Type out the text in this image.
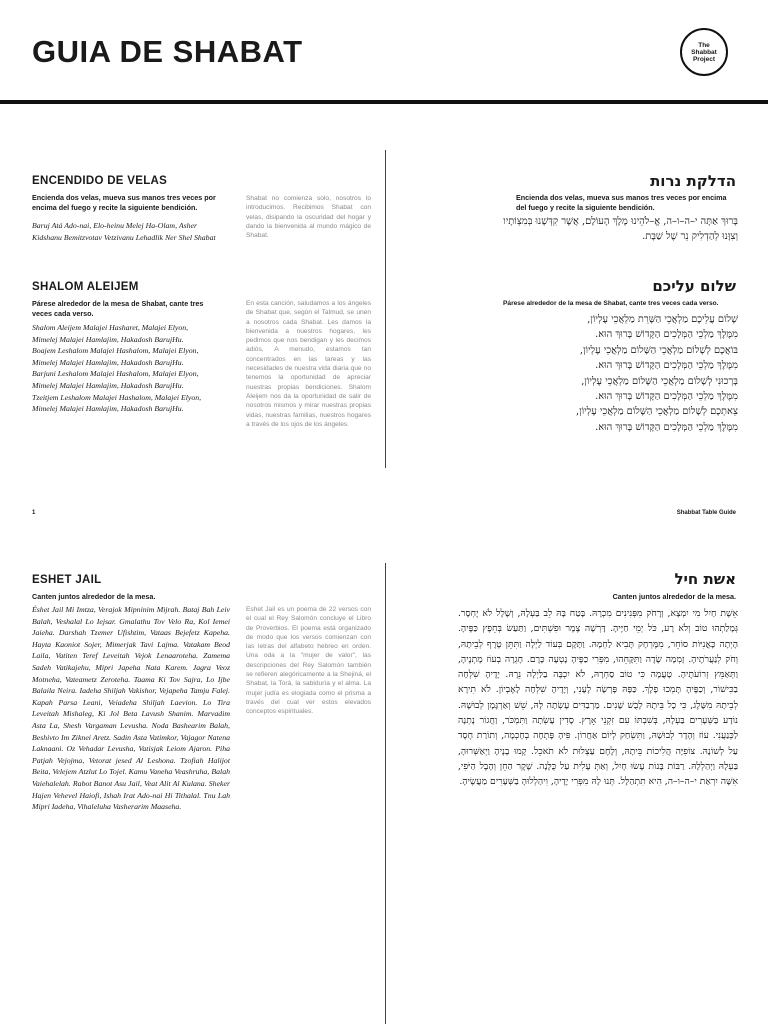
GUIA DE SHABAT	The
Shabbat
Project
ENCENDIDO DE VELAS	הדלקת נרות

Encienda dos velas, mueva sus manos tres veces por encima del fuego y recite la siguiente bendición.

Baruj Atá Ado-nai, Elo-heinu Melej Ha-Olam, Asher Kidshanu Bemitzvotav Vetzivanu Lehadlik Ner Shel Shabat

Shabat no comienza solo, nosotros lo introducimos. Recibimos Shabat con velas, disipando la oscuridad del hogar y dando la bienvenida al mundo mágico de Shabat.

Encienda dos velas, mueva sus manos tres veces por encima del fuego y recite la siguiente bendición.

בָּרוּךְ אַתָּה י–ה–ו–ה, אֱ–לֹהֵינוּ מֶלֶךְ הָעוֹלָם, אֲשֶׁר קִדְּשָׁנוּ בְּמִצְוֹתָיו וְצִוָּנוּ לְהַדְלִיק נֵר שֶׁל שַׁבָּת.

SHALOM ALEIJEM	שלום עליכם

Párese alrededor de la mesa de Shabat, cante tres veces cada verso.

Shalom Aleijem Malajei Hasharet, Malajei Elyon,
Mimelej Malajei Hamlajim, Hakadosh BarujHu.
Boajem Leshalom Malajei Hashalom, Malajei Elyon,
Mimelej Malajei Hamlajim, Hakadosh BarujHu.
Barjuni Leshalom Malajei Hashalom, Malajei Elyon,
Mimelej Malajei Hamlajim, Hakadosh BarujHu.
Tzeitjem Leshalom Malajei Hashalom, Malajei Elyon,
Mimelej Malajei Hamlajim, Hakadosh BarujHu.

En esta canción, saludamos a los ángeles de Shabat que, según el Talmud, se unen a nosotros cada Shabat. Les damos la bienvenida a nuestros hogares, les pedimos que nos bendigan y les decimos adiós. A menudo, estamos tan concentrados en las tareas y las necesidades de nuestra vida diaria que no tenemos la oportunidad de apreciar nuestras propias bendiciones. Shalom Aleijem nos da la oportunidad de salir de nosotros mismos y mirar nuestras propias vidas, nuestras familias, nuestros hogares a través de los ojos de los ángeles.

Párese alrededor de la mesa de Shabat, cante tres veces cada verso.

שָׁלוֹם עֲלֵיכֶם מַלְאֲכֵי הַשָּׁרֵת מַלְאֲכֵי עֶלְיוֹן,
מִמֶּלֶךְ מַלְכֵי הַמְּלָכִים הַקָּדוֹשׁ בָּרוּךְ הוּא.
בּוֹאֲכֶם לְשָׁלוֹם מַלְאֲכֵי הַשָּׁלוֹם מַלְאֲכֵי עֶלְיוֹן,
מִמֶּלֶךְ מַלְכֵי הַמְּלָכִים הַקָּדוֹשׁ בָּרוּךְ הוּא.
בָּרְכוּנִי לְשָׁלוֹם מַלְאֲכֵי הַשָּׁלוֹם מַלְאֲכֵי עֶלְיוֹן,
מִמֶּלֶךְ מַלְכֵי הַמְּלָכִים הַקָּדוֹשׁ בָּרוּךְ הוּא.
צֵאתְכֶם לְשָׁלוֹם מַלְאֲכֵי הַשָּׁלוֹם מַלְאֲכֵי עֶלְיוֹן,
מִמֶּלֶךְ מַלְכֵי הַמְּלָכִים הַקָּדוֹשׁ בָּרוּךְ הוּא.
1	Shabbat Table Guide
ESHET JAIL	אשת חיל

Canten juntos alrededor de la mesa.

Éshet Jail Mi Imtza, Verajok Mipninim Mijrah. Bataj Bah Leiv Balah, Veshalal Lo Iejsar. Gmalathu Tov Velo Ra, Kol Iemei Jaieha. Darshah Tzemer Ufishtim, Vataas Bejefetz Kapeha. Hayta Kaoniot Sojer, Mimerjak Tavi Lajma. Vatakam Beod Laila, Vatiten Teref Leveitah Vejok Lenaaroteha. Zamema Sadeh Vatikajehu, Mipri Japeha Nata Karem. Jagra Veoz Motneha, Vateametz Zeroteha. Taama Ki Tov Sajra, Lo Ijbe Balaila Neira. Iadeha Shiljah Vakishor, Vejapeha Tamju Falej. Kapah Parsa Leani, Veiadeha Shiljah Laevion. Lo Tira Leveitah Mishaleg, Ki Jol Beta Lavush Shanim. Marvadim Asta La, Shesh Vargaman Levusha. Noda Bashearim Balah, Beshivto Im Ziknei Aretz. Sadin Asta Vatimkor, Vajagor Natena Laknaani. Oz Vehadar Levusha, Vatisjak Leiom Ajaron. Piha Patjah Vejojma, Vetorat jesed Al Leshona. Tzofiah Halijot Beita, Velejem Atzlut Lo Tojel. Kamu Vaneha Veashruha, Balah Vaiehalelah. Rabot Banot Asu Jail, Veat Alit Al Kulana. Sheker Hajen Vehevel Haiofi, Ishah Irat Ado-nai Hi Tithalal. Tnu Lah Mipri Iadeha, Vihaleluha Vasherarim Maaseha.

Eshet Jail es un poema de 22 versos con el cual el Rey Salomón concluye el Libro de Proverbios. El poema está organizado de modo que los versos comienzan con las letras del alfabeto hebreo en orden. Una oda a la "mujer de valor", las descripciones del Rey Salomón también se refieren alegóricamente a la Shejiná, el Shabat, la Torá, la sabiduría y el alma. La mujer judía es elogiada como el prisma a través del cual ver estos elevados conceptos espirituales.

Canten juntos alrededor de la mesa.

אֵשֶׁת חַיִל מִי יִמְצָא, וְרָחֹק מִפְּנִינִים מִכְרָהּ. בָּטַח בָּהּ לֵב בַּעְלָהּ, וְשָׁלָל לֹא יֶחְסָר. גְּמָלַתְהוּ טוֹב וְלֹא רָע, כֹּל יְמֵי חַיֶּיהָ. דָּרְשָׁה צֶמֶר וּפִשְׁתִּים, וַתַּעַשׂ בְּחֵפֶץ כַּפֶּיהָ. הָיְתָה כָּאֳנִיּוֹת סוֹחֵר, מִמֶּרְחָק תָּבִיא לַחְמָהּ. וַתָּקָם בְּעוֹד לַיְלָה וַתִּתֵּן טֶרֶף לְבֵיתָהּ, וְחֹק לְנַעֲרֹתֶיהָ. זָמְמָה שָׂדֶה וַתִּקָּחֵהוּ, מִפְּרִי כַפֶּיהָ נָטְעָה כָּרֶם. חָגְרָה בְעוֹז מָתְנֶיהָ, וַתְּאַמֵּץ זְרוֹעֹתֶיהָ. טָעֲמָה כִּי טוֹב סַחְרָהּ, לֹא יִכְבֶּה בַלַּיְלָה נֵרָהּ. יָדֶיהָ שִׁלְּחָה בַכִּישׁוֹר, וְכַפֶּיהָ תָּמְכוּ פָלֶךְ. כַּפָּהּ פָּרְשָׂה לֶעָנִי, וְיָדֶיהָ שִׁלְּחָה לָאֶבְיוֹן. לֹא תִירָא לְבֵיתָהּ מִשָּׁלֶג, כִּי כָל בֵּיתָהּ לָבֻשׁ שָׁנִים. מַרְבַדִּים עָשְׂתָה לָּהּ, שֵׁשׁ וְאַרְגָּמָן לְבוּשָׁהּ. נוֹדָע בַּשְּׁעָרִים בַּעְלָהּ, בְּשִׁבְתּוֹ עִם זִקְנֵי אָרֶץ. סָדִין עָשְׂתָה וַתִּמְכֹּר, וַחֲגוֹר נָתְנָה לַכְּנַעֲנִי. עוֹז וְהָדָר לְבוּשָׁהּ, וַתִּשְׂחַק לְיוֹם אַחֲרוֹן. פִּיהָ פָּתְחָה בְחָכְמָה, וְתוֹרַת חֶסֶד עַל לְשׁוֹנָהּ. צוֹפִיָּה הֲלִיכוֹת בֵּיתָהּ, וְלֶחֶם עַצְלוּת לֹא תֹאכֵל. קָמוּ בָנֶיהָ וַיְאַשְּׁרוּהָ, בַּעְלָהּ וַיְהַלְלָהּ. רַבּוֹת בָּנוֹת עָשׂוּ חָיִל, וְאַתְּ עָלִית עַל כֻּלָּנָה. שֶׁקֶר הַחֵן וְהֶבֶל הַיֹּפִי, אִשָּׁה יִרְאַת י–ה–ו–ה, הִיא תִתְהַלָּל. תְּנוּ לָהּ מִפְּרִי יָדֶיהָ, וִיהַלְלוּהָ בַשְּׁעָרִים מַעֲשֶׂיהָ.
